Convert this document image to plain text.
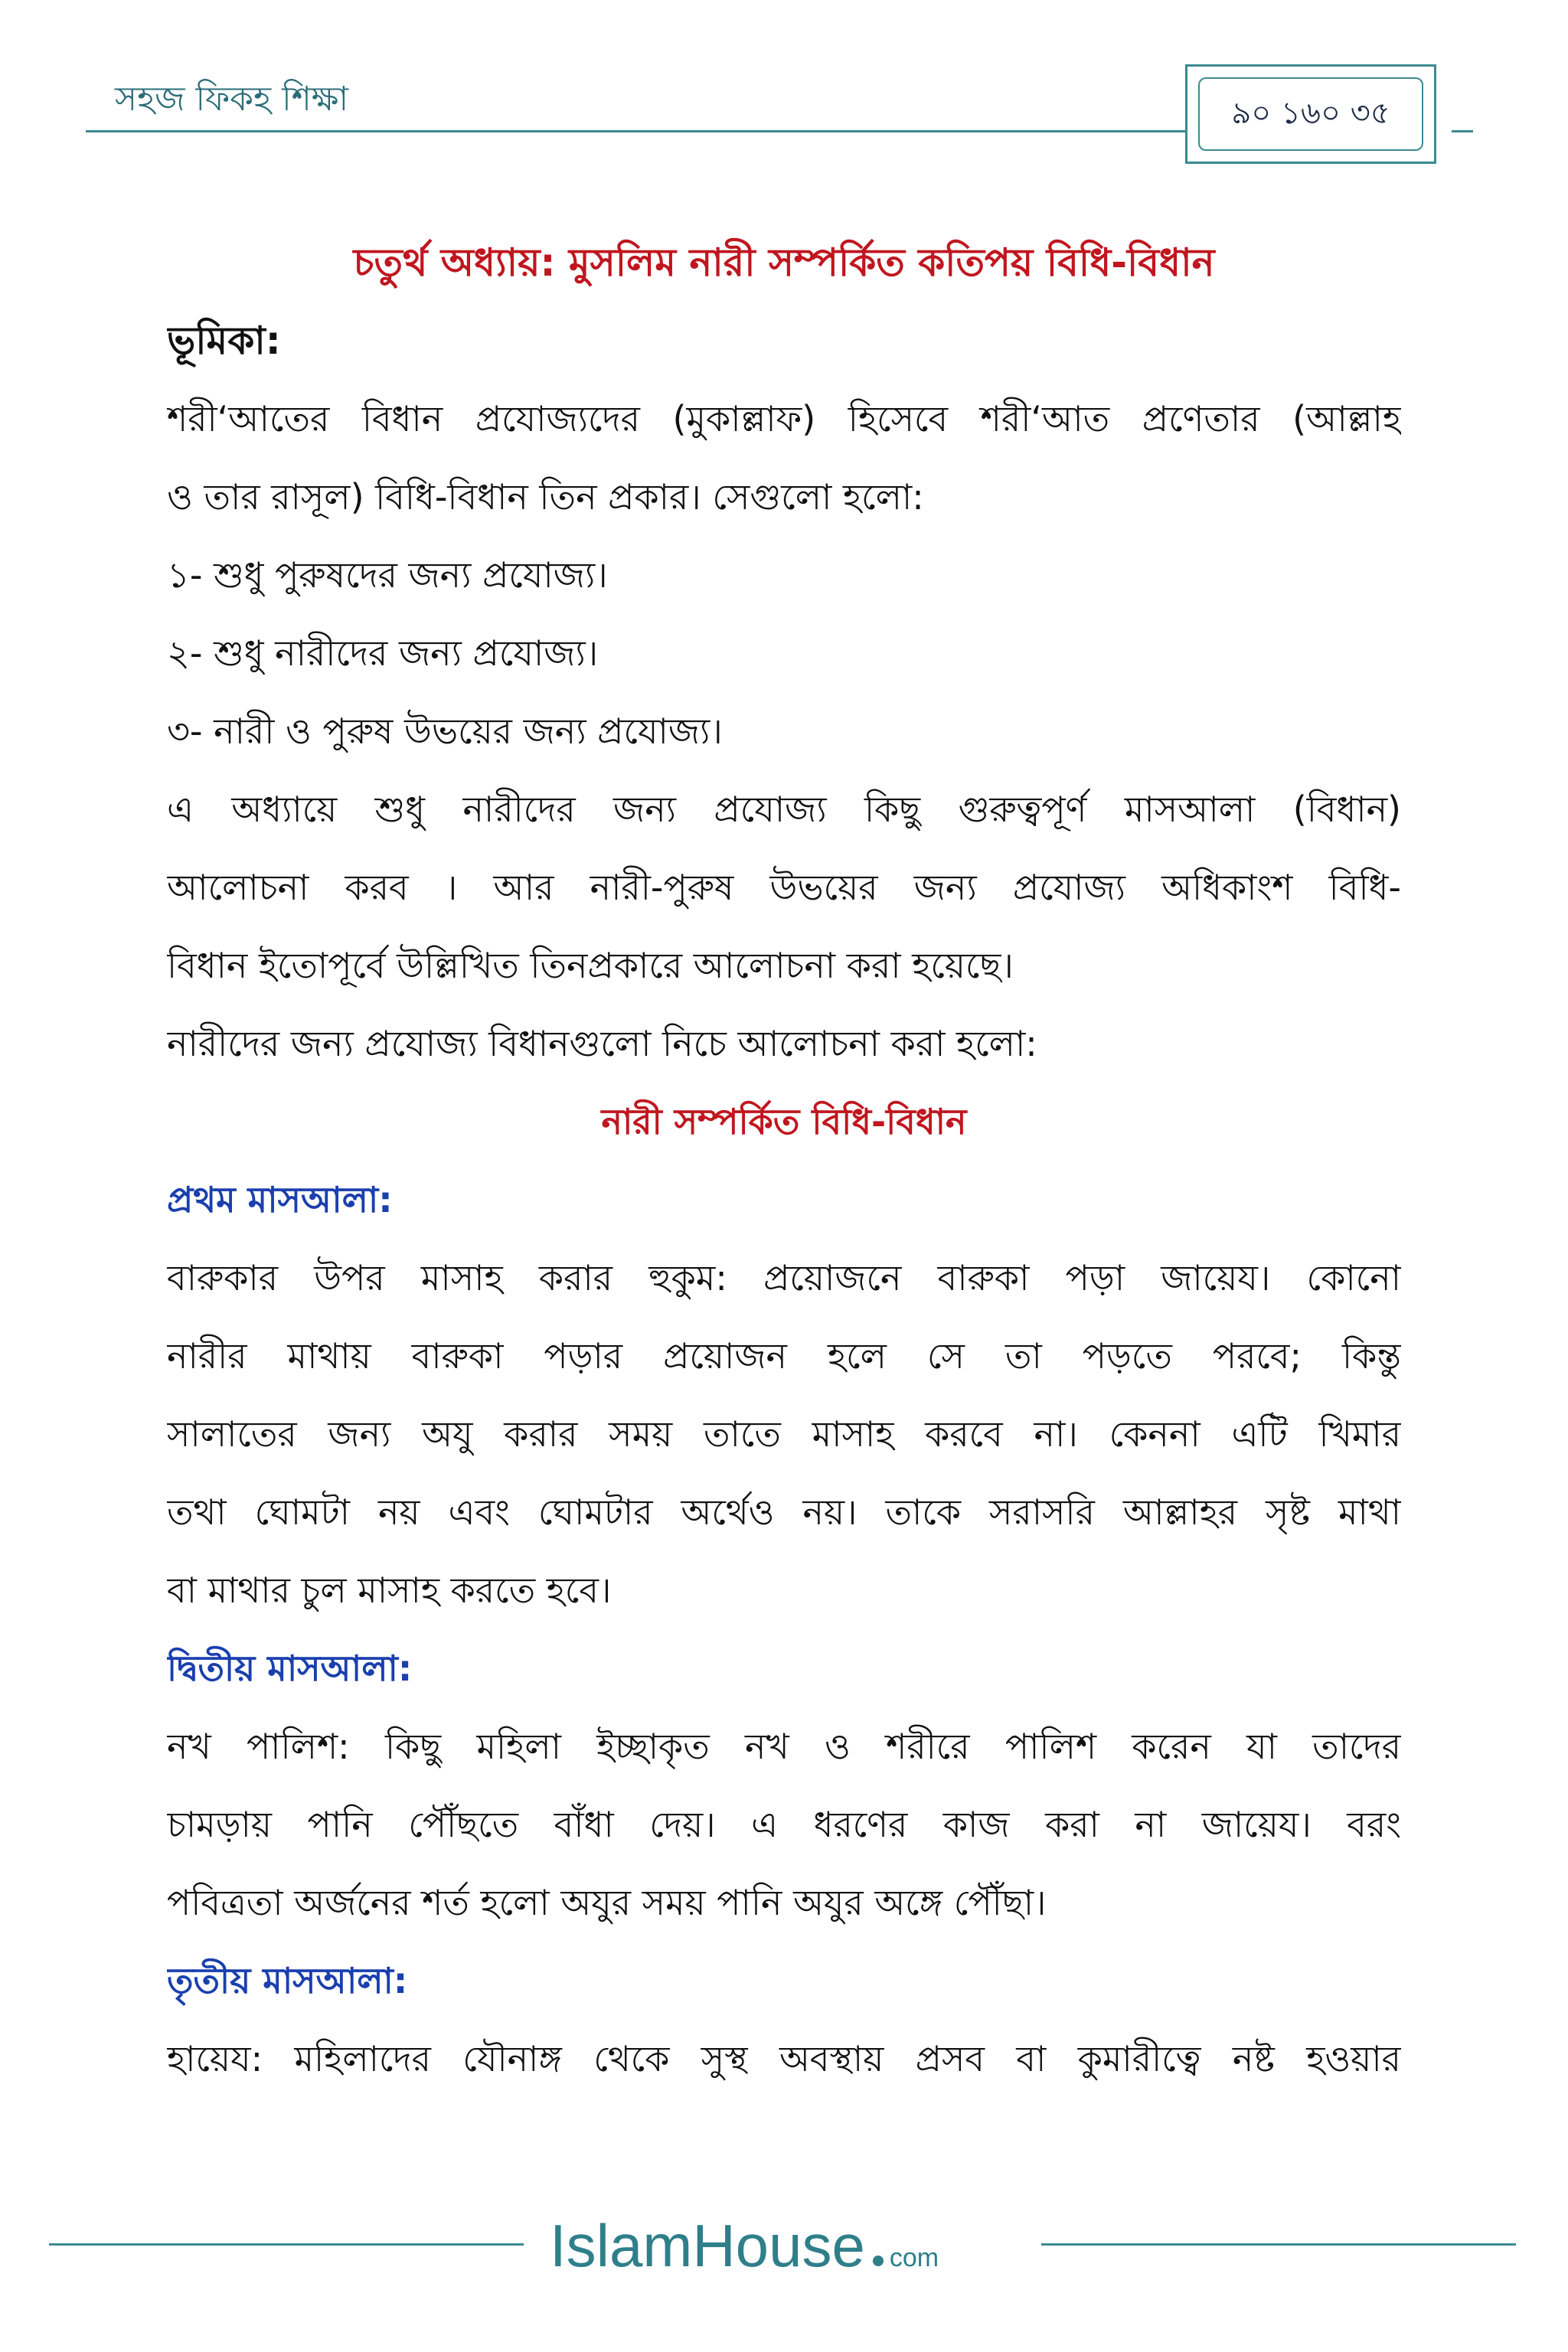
সহজ ফিকহ শিক্ষা	৯০ ১৬০ ৩৫
চতুর্থ অধ্যায়: মুসলিম নারী সম্পর্কিত কতিপয় বিধি-বিধান
ভূমিকা:
শরী‘আতের বিধান প্রযোজ্যদের (মুকাল্লাফ) হিসেবে শরী‘আত প্রণেতার (আল্লাহ
ও তার রাসূল) বিধি-বিধান তিন প্রকার। সেগুলো হলো:
১- শুধু পুরুষদের জন্য প্রযোজ্য।
২- শুধু নারীদের জন্য প্রযোজ্য।
৩- নারী ও পুরুষ উভয়ের জন্য প্রযোজ্য।
এ অধ্যায়ে শুধু নারীদের জন্য প্রযোজ্য কিছু গুরুত্বপূর্ণ মাসআলা (বিধান)
আলোচনা করব । আর নারী-পুরুষ উভয়ের জন্য প্রযোজ্য অধিকাংশ বিধি-
বিধান ইতোপূর্বে উল্লিখিত তিনপ্রকারে আলোচনা করা হয়েছে।
নারীদের জন্য প্রযোজ্য বিধানগুলো নিচে আলোচনা করা হলো:
নারী সম্পর্কিত বিধি-বিধান
প্রথম মাসআলা:
বারুকার উপর মাসাহ করার হুকুম: প্রয়োজনে বারুকা পড়া জায়েয। কোনো
নারীর মাথায় বারুকা পড়ার প্রয়োজন হলে সে তা পড়তে পরবে; কিন্তু
সালাতের জন্য অযু করার সময় তাতে মাসাহ করবে না। কেননা এটি খিমার
তথা ঘোমটা নয় এবং ঘোমটার অর্থেও নয়। তাকে সরাসরি আল্লাহর সৃষ্ট মাথা
বা মাথার চুল মাসাহ করতে হবে।
দ্বিতীয় মাসআলা:
নখ পালিশ: কিছু মহিলা ইচ্ছাকৃত নখ ও শরীরে পালিশ করেন যা তাদের
চামড়ায় পানি পৌঁছতে বাঁধা দেয়। এ ধরণের কাজ করা না জায়েয। বরং
পবিত্রতা অর্জনের শর্ত হলো অযুর সময় পানি অযুর অঙ্গে পৌঁছা।
তৃতীয় মাসআলা:
হায়েয: মহিলাদের যৌনাঙ্গ থেকে সুস্থ অবস্থায় প্রসব বা কুমারীত্বে নষ্ট হওয়ার
IslamHouse com
